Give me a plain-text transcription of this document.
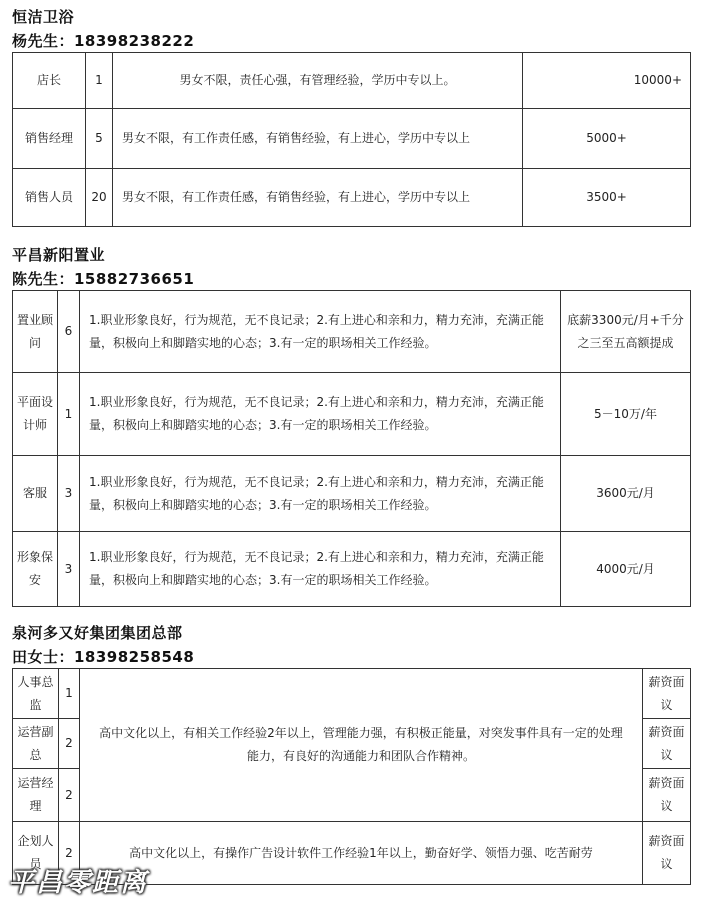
恒洁卫浴
杨先生：18398238222
店长	1	男女不限，责任心强，有管理经验，学历中专以上。	10000+
销售经理	5	男女不限，有工作责任感，有销售经验，有上进心，学历中专以上	5000+
销售人员	20	男女不限，有工作责任感，有销售经验，有上进心，学历中专以上	3500+
平昌新阳置业
陈先生：15882736651
置业顾问	6	1.职业形象良好，行为规范，无不良记录；2.有上进心和亲和力，精力充沛，充满正能量，积极向上和脚踏实地的心态；3.有一定的职场相关工作经验。	底薪3300元/月+千分之三至五高额提成
平面设计师	1	1.职业形象良好，行为规范，无不良记录；2.有上进心和亲和力，精力充沛，充满正能量，积极向上和脚踏实地的心态；3.有一定的职场相关工作经验。	5－10万/年
客服	3	1.职业形象良好，行为规范，无不良记录；2.有上进心和亲和力，精力充沛，充满正能量，积极向上和脚踏实地的心态；3.有一定的职场相关工作经验。	3600元/月
形象保安	3	1.职业形象良好，行为规范，无不良记录；2.有上进心和亲和力，精力充沛，充满正能量，积极向上和脚踏实地的心态；3.有一定的职场相关工作经验。	4000元/月
泉河多又好集团集团总部
田女士：18398258548
人事总监	1	高中文化以上，有相关工作经验2年以上，管理能力强，有积极正能量，对突发事件具有一定的处理能力，有良好的沟通能力和团队合作精神。	薪资面议
运营副总	2		薪资面议
运营经理	2		薪资面议
企划人员	2	高中文化以上，有操作广告设计软件工作经验1年以上，勤奋好学、领悟力强、吃苦耐劳	薪资面议
平昌零距离
